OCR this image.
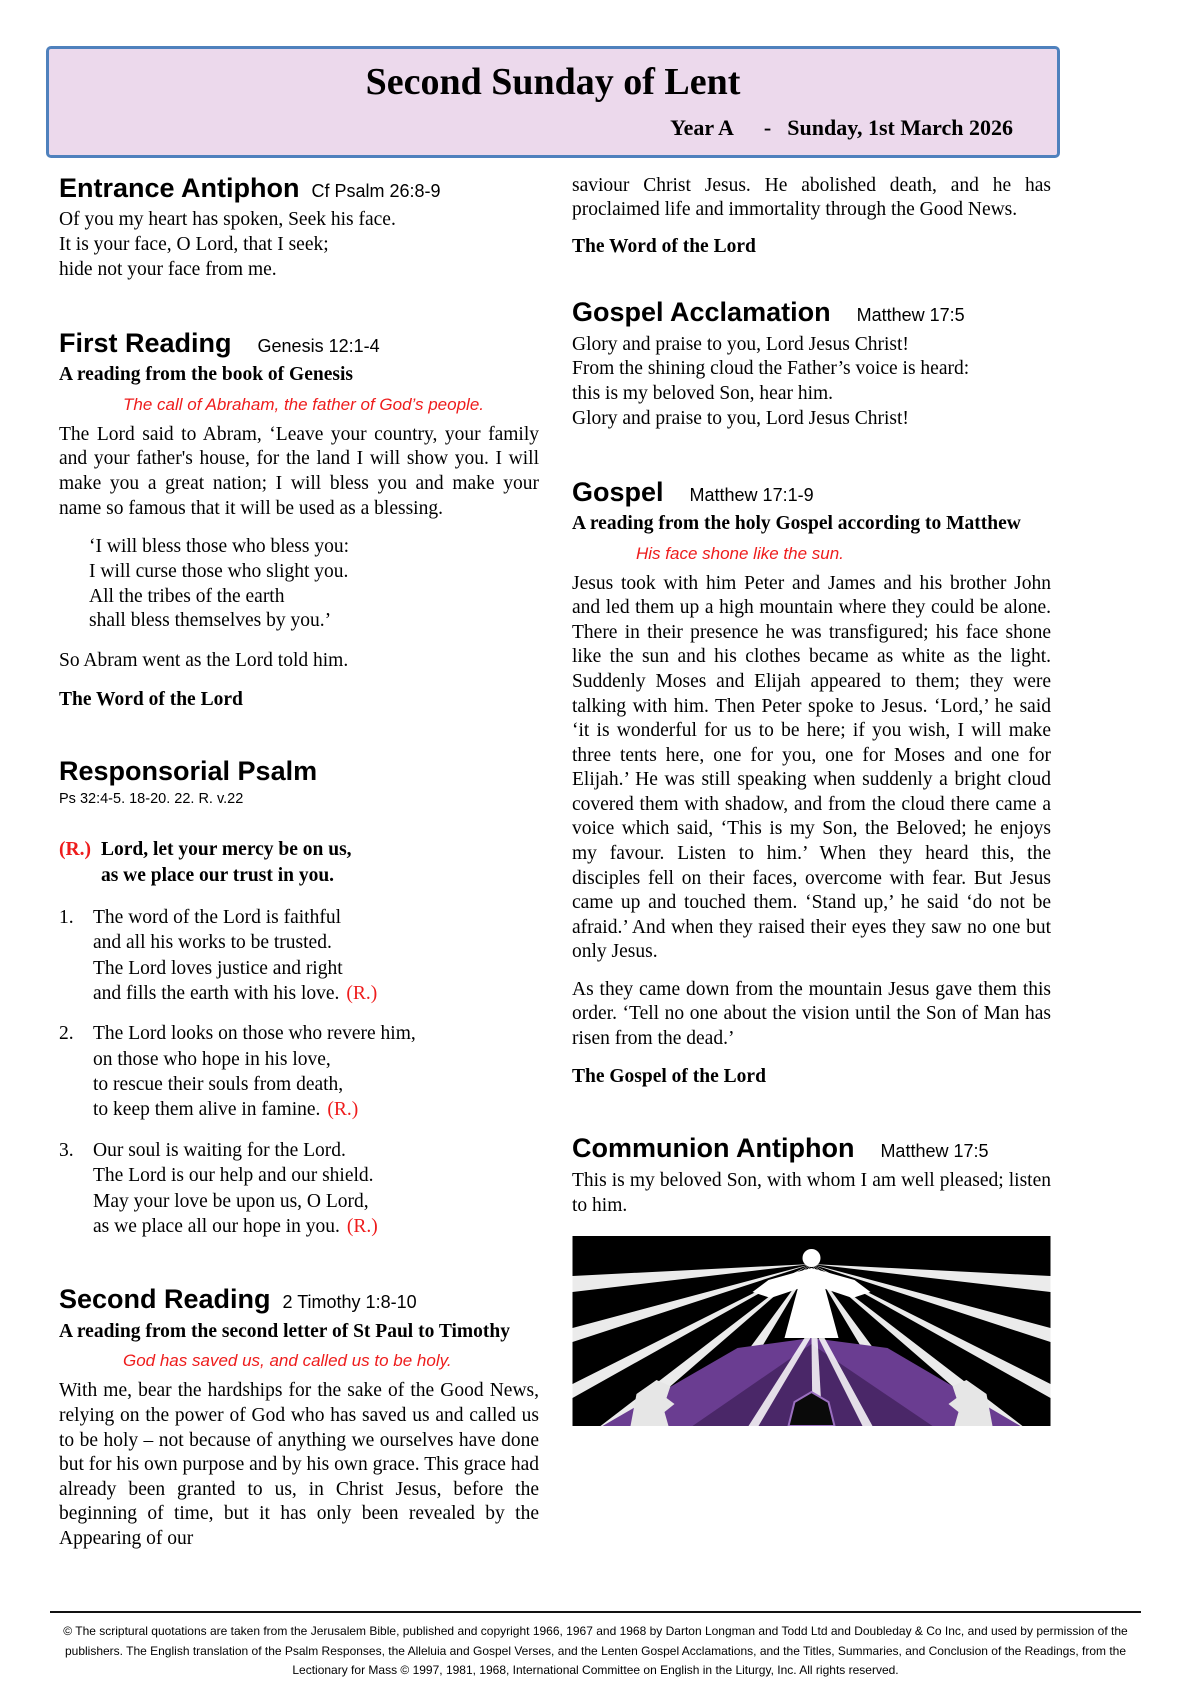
Second Sunday of Lent
Year A - Sunday, 1st March 2026
Entrance Antiphon Cf Psalm 26:8-9
Of you my heart has spoken, Seek his face.
It is your face, O Lord, that I seek;
hide not your face from me.
First Reading Genesis 12:1-4
A reading from the book of Genesis
The call of Abraham, the father of God’s people.

The Lord said to Abram, ‘Leave your country, your family and your father's house, for the land I will show you. I will make you a great nation; I will bless you and make your name so famous that it will be used as a blessing.

‘I will bless those who bless you:
I will curse those who slight you.
All the tribes of the earth
shall bless themselves by you.’

So Abram went as the Lord told him.

The Word of the Lord
Responsorial Psalm
Ps 32:4-5. 18-20. 22. R. v.22
(R.) Lord, let your mercy be on us,
as we place our trust in you.
1. The word of the Lord is faithful
and all his works to be trusted.
The Lord loves justice and right
and fills the earth with his love. (R.)
2. The Lord looks on those who revere him,
on those who hope in his love,
to rescue their souls from death,
to keep them alive in famine. (R.)
3. Our soul is waiting for the Lord.
The Lord is our help and our shield.
May your love be upon us, O Lord,
as we place all our hope in you. (R.)
Second Reading 2 Timothy 1:8-10
A reading from the second letter of St Paul to Timothy
God has saved us, and called us to be holy.

With me, bear the hardships for the sake of the Good News, relying on the power of God who has saved us and called us to be holy – not because of anything we ourselves have done but for his own purpose and by his own grace. This grace had already been granted to us, in Christ Jesus, before the beginning of time, but it has only been revealed by the Appearing of our

saviour Christ Jesus. He abolished death, and he has proclaimed life and immortality through the Good News.

The Word of the Lord
Gospel Acclamation Matthew 17:5
Glory and praise to you, Lord Jesus Christ!
From the shining cloud the Father’s voice is heard:
this is my beloved Son, hear him.
Glory and praise to you, Lord Jesus Christ!
Gospel Matthew 17:1-9
A reading from the holy Gospel according to Matthew
His face shone like the sun.

Jesus took with him Peter and James and his brother John and led them up a high mountain where they could be alone. There in their presence he was transfigured; his face shone like the sun and his clothes became as white as the light. Suddenly Moses and Elijah appeared to them; they were talking with him. Then Peter spoke to Jesus. ‘Lord,’ he said ‘it is wonderful for us to be here; if you wish, I will make three tents here, one for you, one for Moses and one for Elijah.’ He was still speaking when suddenly a bright cloud covered them with shadow, and from the cloud there came a voice which said, ‘This is my Son, the Beloved; he enjoys my favour. Listen to him.’ When they heard this, the disciples fell on their faces, overcome with fear. But Jesus came up and touched them. ‘Stand up,’ he said ‘do not be afraid.’ And when they raised their eyes they saw no one but only Jesus.

As they came down from the mountain Jesus gave them this order. ‘Tell no one about the vision until the Son of Man has risen from the dead.’

The Gospel of the Lord
Communion Antiphon Matthew 17:5

This is my beloved Son, with whom I am well pleased; listen to him.

© The scriptural quotations are taken from the Jerusalem Bible, published and copyright 1966, 1967 and 1968 by Darton Longman and Todd Ltd and Doubleday & Co Inc, and used by permission of the publishers. The English translation of the Psalm Responses, the Alleluia and Gospel Verses, and the Lenten Gospel Acclamations, and the Titles, Summaries, and Conclusion of the Readings, from the Lectionary for Mass © 1997, 1981, 1968, International Committee on English in the Liturgy, Inc. All rights reserved.
